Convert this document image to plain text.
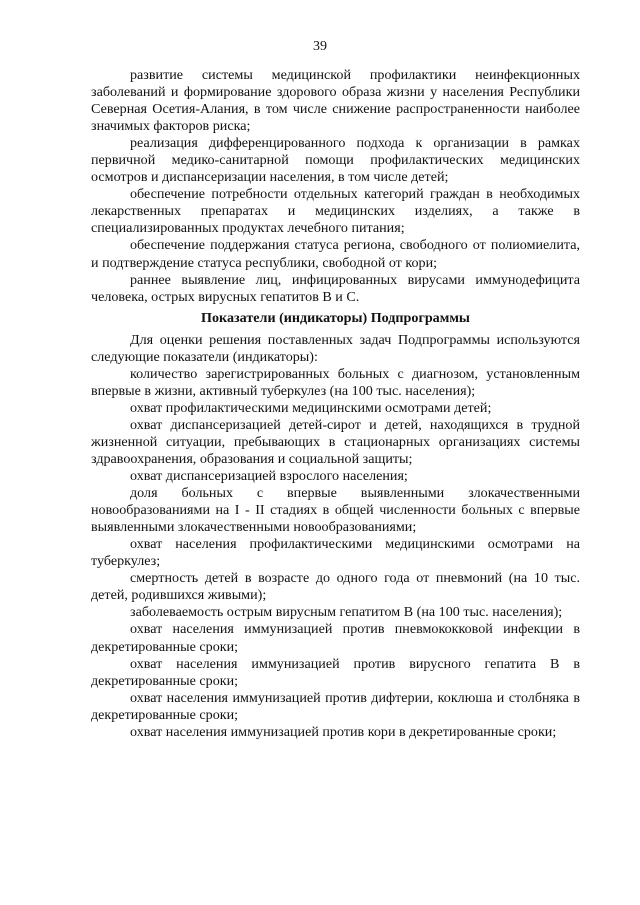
39

развитие системы медицинской профилактики неинфекционных заболеваний и формирование здорового образа жизни у населения Республики Северная Осетия-Алания, в том числе снижение распространенности наиболее значимых факторов риска;

реализация дифференцированного подхода к организации в рамках первичной медико-санитарной помощи профилактических медицинских осмотров и диспансеризации населения, в том числе детей;

обеспечение потребности отдельных категорий граждан в необходимых лекарственных препаратах и медицинских изделиях, а также в специализированных продуктах лечебного питания;

обеспечение поддержания статуса региона, свободного от полиомиелита, и подтверждение статуса республики, свободной от кори;

раннее выявление лиц, инфицированных вирусами иммунодефицита человека, острых вирусных гепатитов В и С.

Показатели (индикаторы) Подпрограммы

Для оценки решения поставленных задач Подпрограммы используются следующие показатели (индикаторы):

количество зарегистрированных больных с диагнозом, установленным впервые в жизни, активный туберкулез (на 100 тыс. населения);

охват профилактическими медицинскими осмотрами детей;

охват диспансеризацией детей-сирот и детей, находящихся в трудной жизненной ситуации, пребывающих в стационарных организациях системы здравоохранения, образования и социальной защиты;

охват диспансеризацией взрослого населения;

доля больных с впервые выявленными злокачественными новообразованиями на I - II стадиях в общей численности больных с впервые выявленными злокачественными новообразованиями;

охват населения профилактическими медицинскими осмотрами на туберкулез;

смертность детей в возрасте до одного года от пневмоний (на 10 тыс. детей, родившихся живыми);

заболеваемость острым вирусным гепатитом В (на 100 тыс. населения);

охват населения иммунизацией против пневмококковой инфекции в декретированные сроки;

охват населения иммунизацией против вирусного гепатита В в декретированные сроки;

охват населения иммунизацией против дифтерии, коклюша и столбняка в декретированные сроки;

охват населения иммунизацией против кори в декретированные сроки;
